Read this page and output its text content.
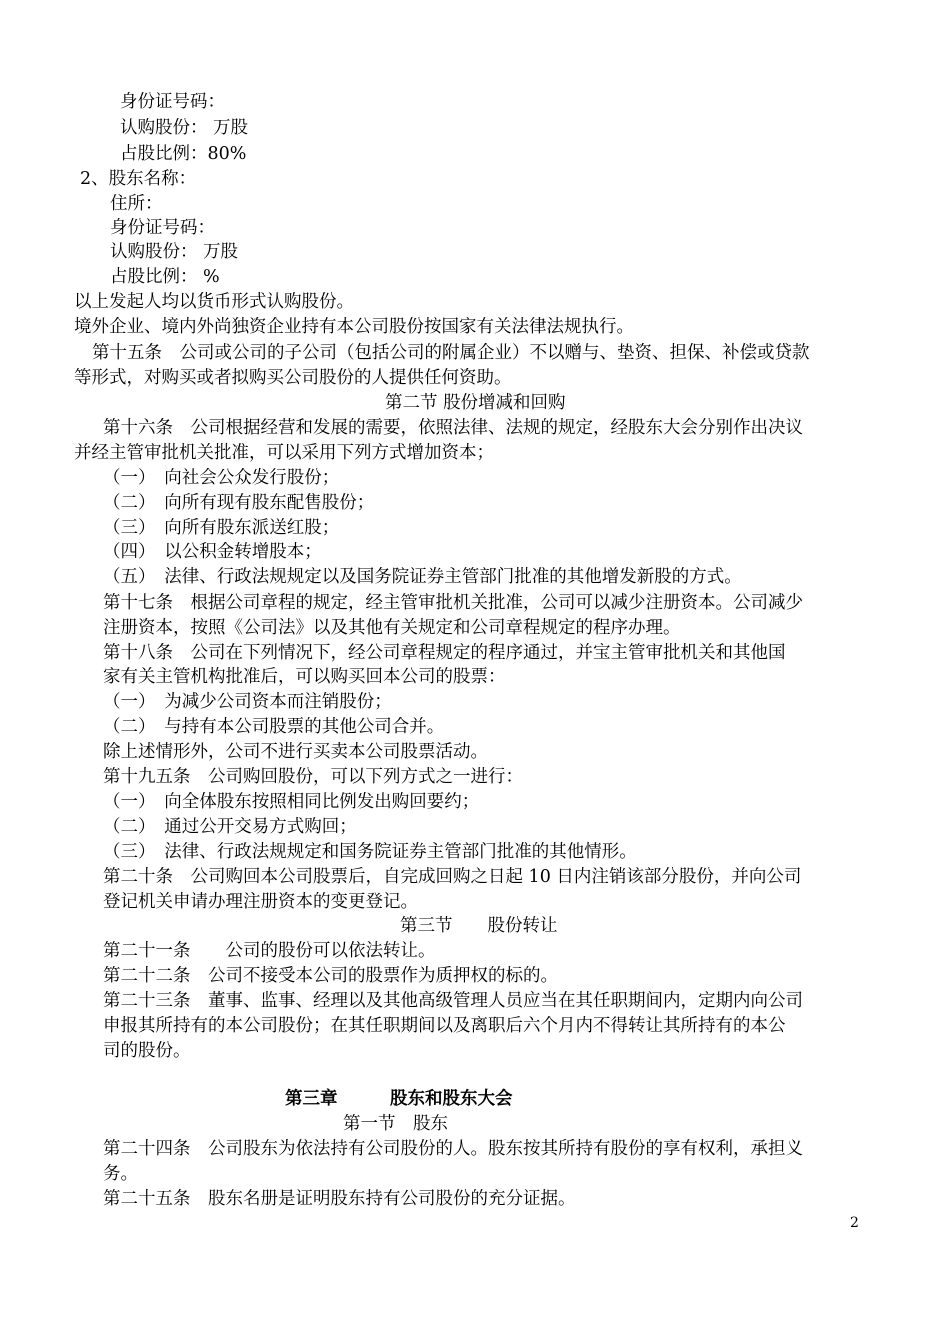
身份证号码：
认购股份： 万股
占股比例：80%
2、股东名称：
住所：
身份证号码：
认购股份： 万股
占股比例： %
以上发起人均以货币形式认购股份。
境外企业、境内外尚独资企业持有本公司股份按国家有关法律法规执行。
第十五条　公司或公司的子公司（包括公司的附属企业）不以赠与、垫资、担保、补偿或贷款
等形式，对购买或者拟购买公司股份的人提供任何资助。
第二节 股份增减和回购
第十六条　公司根据经营和发展的需要，依照法律、法规的规定，经股东大会分别作出决议
并经主管审批机关批准，可以采用下列方式增加资本；
（一）　向社会公众发行股份；
（二）　向所有现有股东配售股份；
（三）　向所有股东派送红股；
（四）　以公积金转增股本；
（五）　法律、行政法规规定以及国务院证券主管部门批准的其他增发新股的方式。
第十七条　根据公司章程的规定，经主管审批机关批准，公司可以减少注册资本。公司减少
注册资本，按照《公司法》以及其他有关规定和公司章程规定的程序办理。
第十八条　公司在下列情况下，经公司章程规定的程序通过，并宝主管审批机关和其他国
家有关主管机构批准后，可以购买回本公司的股票：
（一）　为减少公司资本而注销股份；
（二）　与持有本公司股票的其他公司合并。
除上述情形外，公司不进行买卖本公司股票活动。
第十九五条　公司购回股份，可以下列方式之一进行：
（一）　向全体股东按照相同比例发出购回要约；
（二）　通过公开交易方式购回；
（三）　法律、行政法规规定和国务院证券主管部门批准的其他情形。
第二十条　公司购回本公司股票后，自完成回购之日起 10 日内注销该部分股份，并向公司
登记机关申请办理注册资本的变更登记。
第三节　　股份转让
第二十一条　　公司的股份可以依法转让。
第二十二条　公司不接受本公司的股票作为质押权的标的。
第二十三条　董事、监事、经理以及其他高级管理人员应当在其任职期间内，定期内向公司
申报其所持有的本公司股份；在其任职期间以及离职后六个月内不得转让其所持有的本公
司的股份。
第三章　　　股东和股东大会
第一节　股东
第二十四条　公司股东为依法持有公司股份的人。股东按其所持有股份的享有权利，承担义
务。
第二十五条　股东名册是证明股东持有公司股份的充分证据。
2
